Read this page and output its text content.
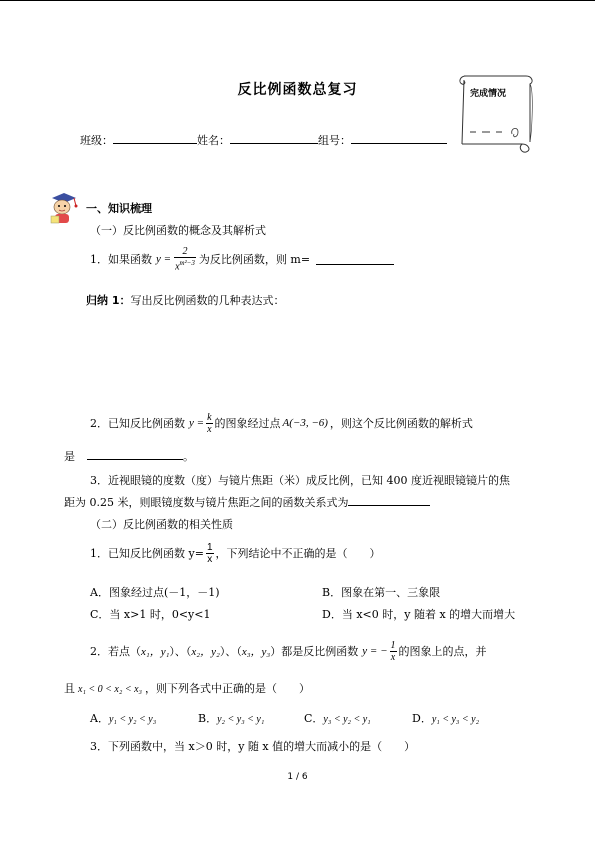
反比例函数总复习	完成情况
班级：	姓名：	组号：
一、知识梳理
（一）反比例函数的概念及其解析式
1．如果函数 $y = \frac{2}{x^{m^2-3}}$ 为反比例函数，则 m=
归纳 1：写出反比例函数的几种表达式：
2．已知反比例函数 $y = \frac{k}{x}$ 的图象经过点 A(−3, −6) ，则这个反比例函数的解析式
是	。
3．近视眼镜的度数（度）与镜片焦距（米）成反比例，已知 400 度近视眼镜镜片的焦
距为 0.25 米，则眼镜度数与镜片焦距之间的函数关系式为
（二）反比例函数的相关性质
1．已知反比例函数 $y= \frac{1}{x}$ ，下列结论中不正确的是（　　）
A．图象经过点(－1，－1)	B．图象在第一、三象限
C．当 x>1 时，0<y<1	D．当 x<0 时，y 随着 x 的增大而增大
2．若点（ x₁，y₁ ）、（ x₂，y₂ ）、（ x₃，y₃ ）都是反比例函数 y = − $\frac{1}{x}$ 的图象上的点，并
且 x₁ < 0 < x₂ < x₃ ，则下列各式中正确的是（　　）
A．y₁ < y₂ < y₃	B．y₂ < y₃ < y₁	C．y₃ < y₂ < y₁	D．y₁ < y₃ < y₂
3．下列函数中，当 x＞0 时，y 随 x 值的增大而减小的是（　　）
1 / 6
